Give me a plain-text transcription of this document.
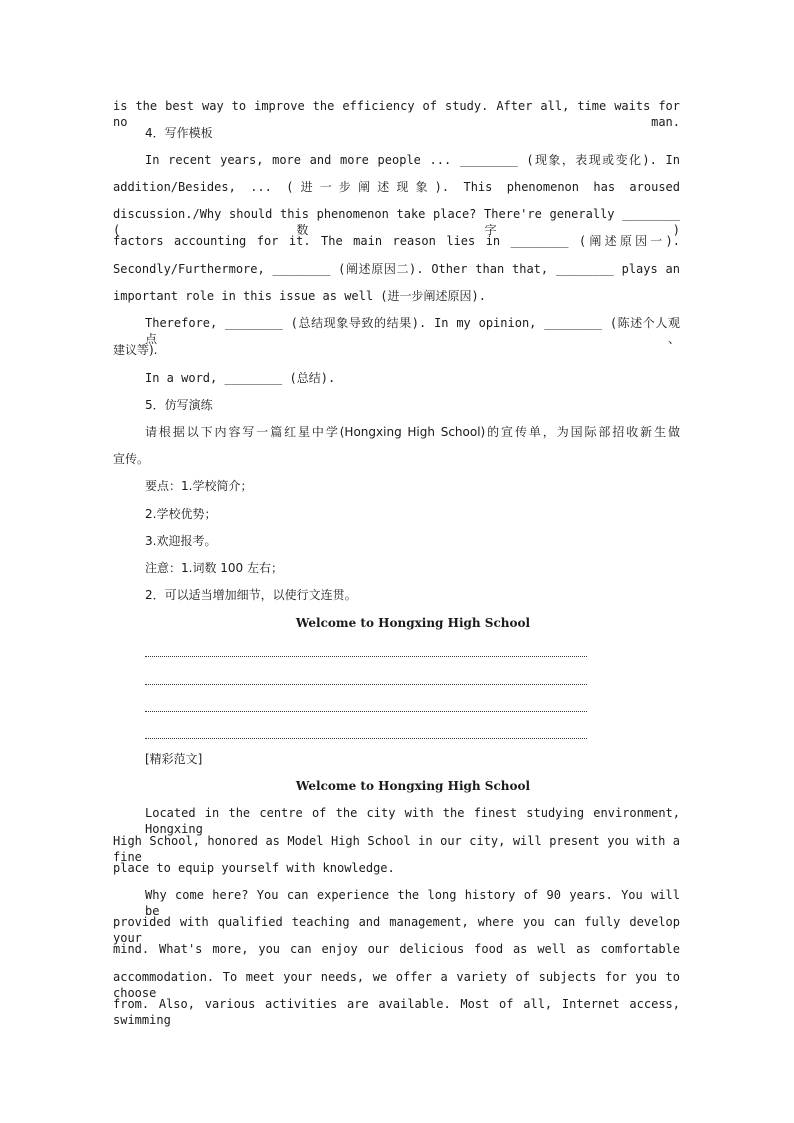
is the best way to improve the efficiency of study. After all, time waits for no man.
4．写作模板
In recent years, more and more people ... ________ (现象，表现或变化). In
addition/Besides, ... (进一步阐述现象). This phenomenon has aroused
discussion./Why should this phenomenon take place? There're generally ________ (数字)
factors accounting for it. The main reason lies in ________ (阐述原因一).
Secondly/Furthermore, ________ (阐述原因二). Other than that, ________ plays an
important role in this issue as well (进一步阐述原因).
Therefore, ________ (总结现象导致的结果). In my opinion, ________ (陈述个人观点、
建议等).
In a word, ________ (总结).
5．仿写演练
请根据以下内容写一篇红星中学(Hongxing High School)的宣传单，为国际部招收新生做
宣传。
要点：1.学校简介；
2.学校优势；
3.欢迎报考。
注意：1.词数 100 左右；
2．可以适当增加细节，以使行文连贯。
Welcome to Hongxing High School
[精彩范文]
Welcome to Hongxing High School
Located in the centre of the city with the finest studying environment, Hongxing
High School, honored as Model High School in our city, will present you with a fine
place to equip yourself with knowledge.
Why come here? You can experience the long history of 90 years. You will be
provided with qualified teaching and management, where you can fully develop your
mind. What's more, you can enjoy our delicious food as well as comfortable
accommodation. To meet your needs, we offer a variety of subjects for you to choose
from. Also, various activities are available. Most of all, Internet access, swimming
